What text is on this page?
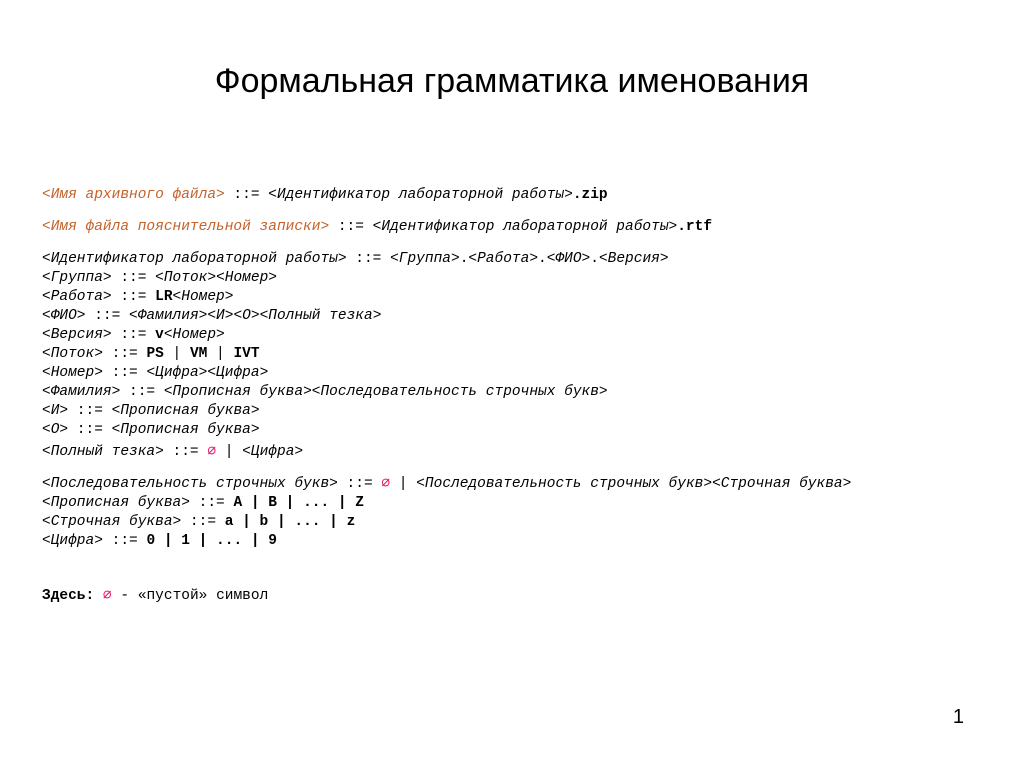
Формальная грамматика именования
<Имя архивного файла> ::= <Идентификатор лабораторной работы>.zip
<Имя файла пояснительной записки> ::= <Идентификатор лабораторной работы>.rtf
<Идентификатор лабораторной работы> ::= <Группа>.<Работа>.<ФИО>.<Версия>
<Группа> ::= <Поток><Номер>
<Работа> ::= LR<Номер>
<ФИО> ::= <Фамилия><И><О><Полный тезка>
<Версия> ::= v<Номер>
<Поток> ::= PS | VM | IVT
<Номер> ::= <Цифра><Цифра>
<Фамилия> ::= <Прописная буква><Последовательность строчных букв>
<И> ::= <Прописная буква>
<О> ::= <Прописная буква>
<Полный тезка> ::= ∅ | <Цифра>
<Последовательность строчных букв> ::= ∅ | <Последовательность строчных букв><Строчная буква>
<Прописная буква> ::= A | B | ... | Z
<Строчная буква> ::= a | b | ... | z
<Цифра> ::= 0 | 1 | ... | 9
Здесь: ∅ - «пустой» символ
1
